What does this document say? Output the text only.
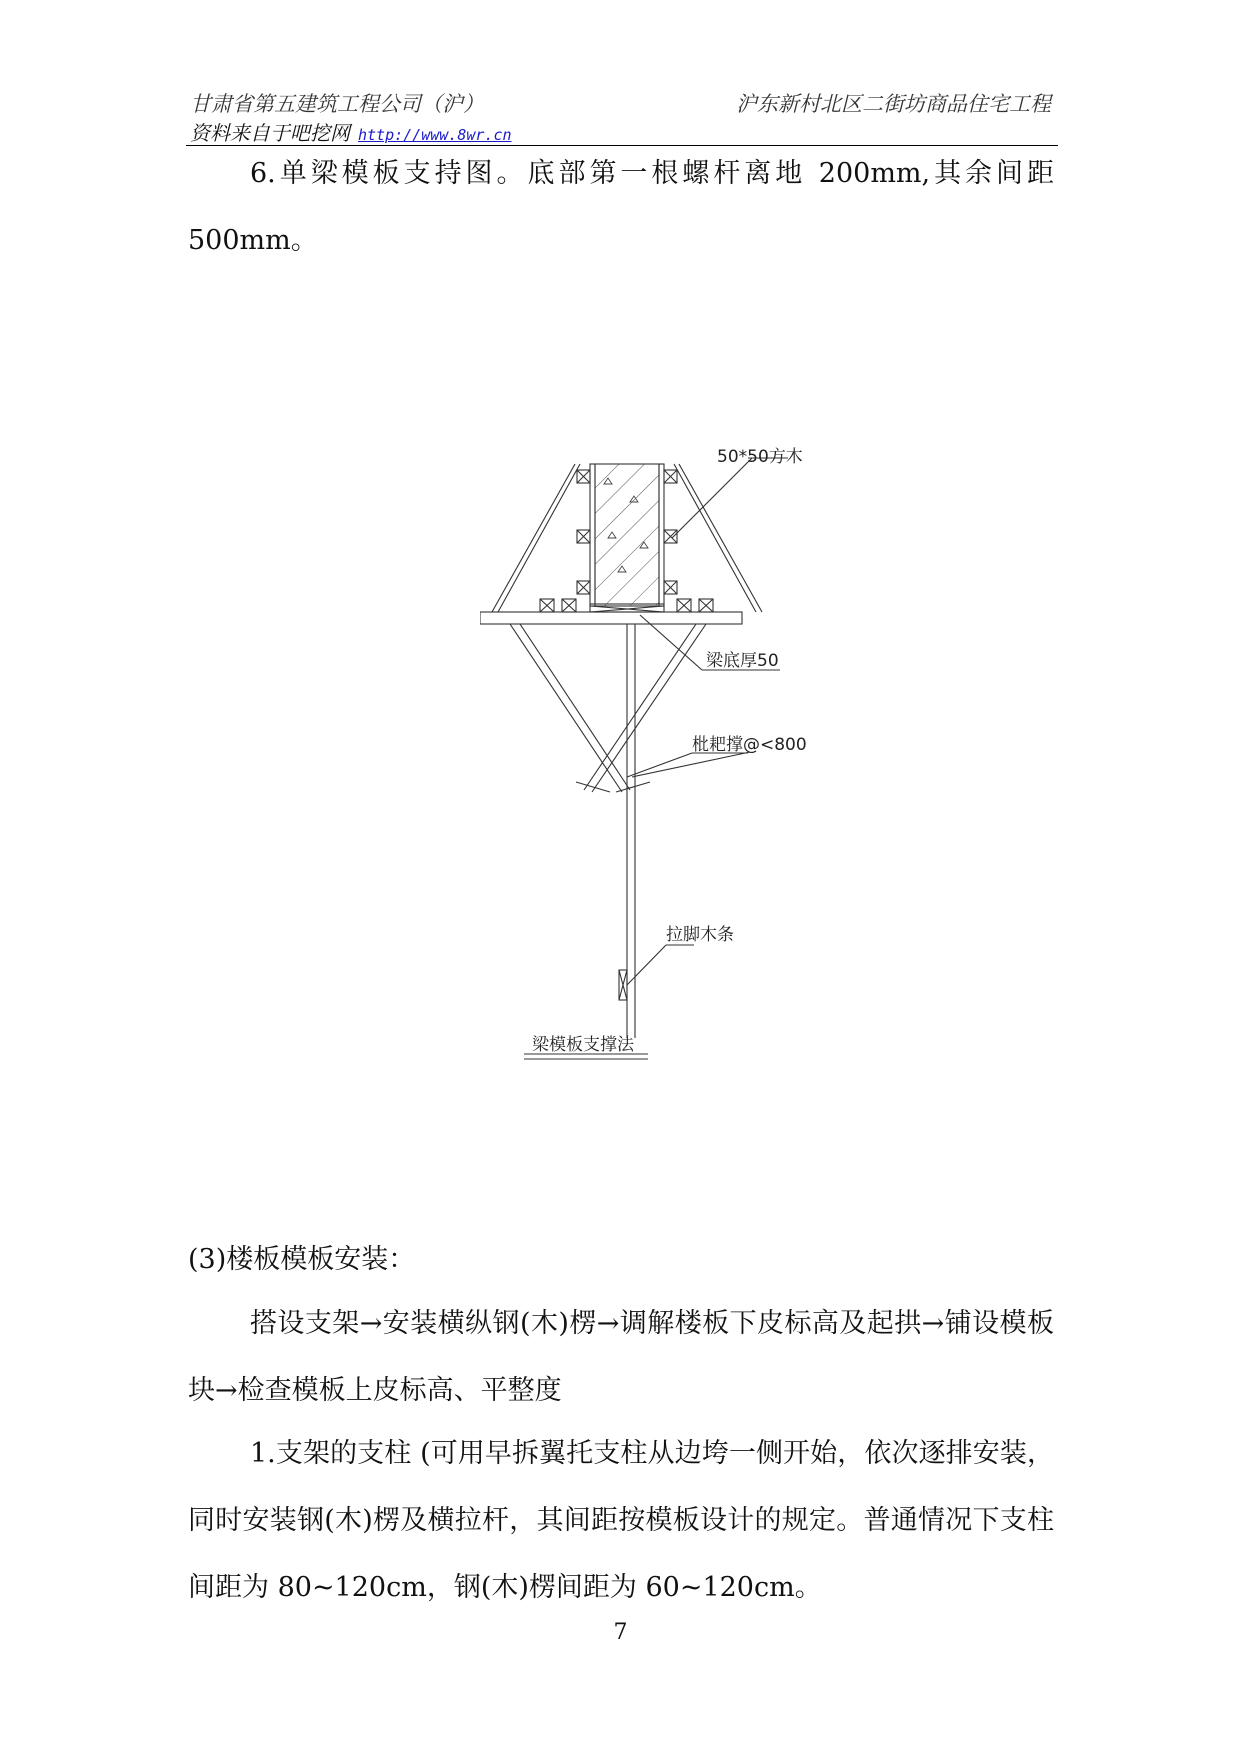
甘肃省第五建筑工程公司（沪）	沪东新村北区二街坊商品住宅工程
资料来自于吧挖网 http://www.8wr.cn
6.单梁模板支持图。底部第一根螺杆离地 200mm,其余间距 500mm。
50*50方木
梁底厚50
枇耙撑@<800
拉脚木条
梁模板支撑法
(3)楼板模板安装：
搭设支架→安装横纵钢(木)楞→调解楼板下皮标高及起拱→铺设模板块→检查模板上皮标高、平整度
1.支架的支柱 (可用早拆翼托支柱从边垮一侧开始，依次逐排安装，同时安装钢(木)楞及横拉杆，其间距按模板设计的规定。普通情况下支柱间距为 80~120cm，钢(木)楞间距为 60~120cm。
7
